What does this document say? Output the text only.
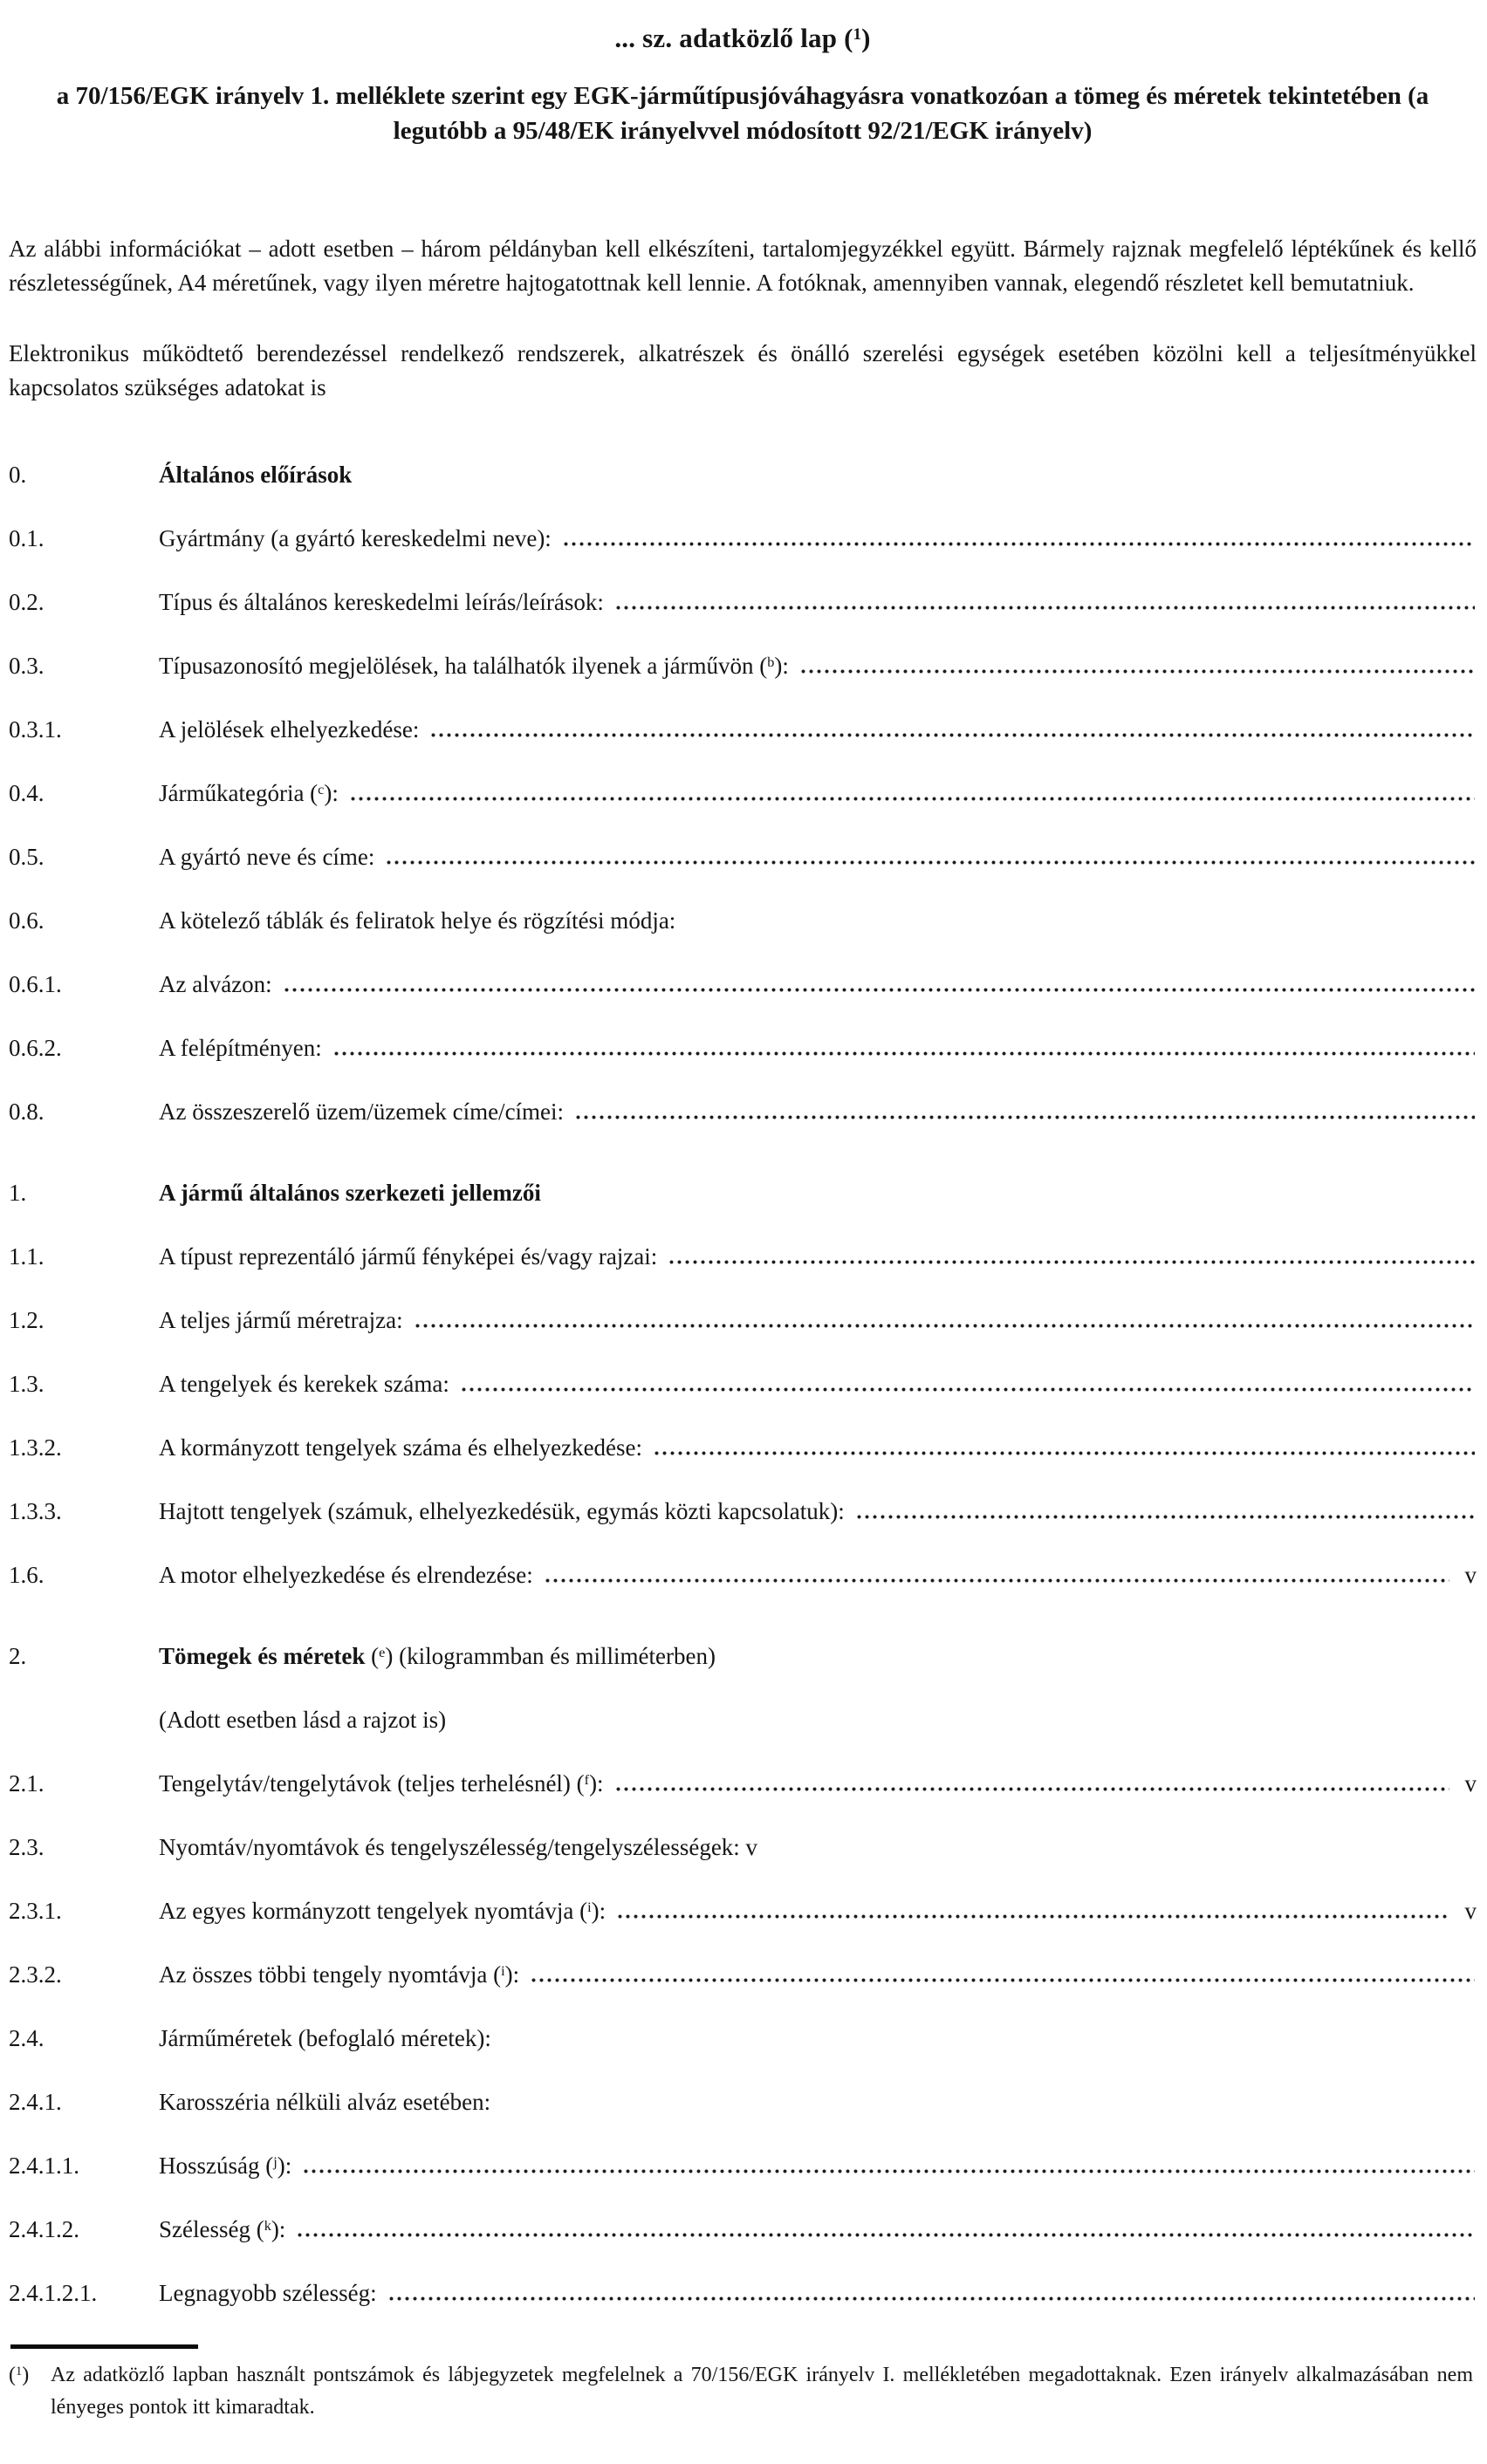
... sz. adatközlő lap ($^1$)
a 70/156/EGK irányelv 1. melléklete szerint egy EGK-járműtípusjóváhagyásra vonatkozóan a tömeg és méretek tekintetében (a legutóbb a 95/48/EK irányelvvel módosított 92/21/EGK irányelv)
Az alábbi információkat – adott esetben – három példányban kell elkészíteni, tartalomjegyzékkel együtt. Bármely rajznak megfelelő léptékűnek és kellő részletességűnek, A4 méretűnek, vagy ilyen méretre hajtogatottnak kell lennie. A fotóknak, amennyiben vannak, elegendő részletet kell bemutatniuk.
Elektronikus működtető berendezéssel rendelkező rendszerek, alkatrészek és önálló szerelési egységek esetében közölni kell a teljesítményükkel kapcsolatos szükséges adatokat is
0.	Általános előírások
0.1.	Gyártmány (a gyártó kereskedelmi neve):
0.2.	Típus és általános kereskedelmi leírás/leírások:
0.3.	Típusazonosító megjelölések, ha találhatók ilyenek a járművön ($^b$):
0.3.1.	A jelölések elhelyezkedése:
0.4.	Járműkategória ($^c$):
0.5.	A gyártó neve és címe:
0.6.	A kötelező táblák és feliratok helye és rögzítési módja:
0.6.1.	Az alvázon:
0.6.2.	A felépítményen:
0.8.	Az összeszerelő üzem/üzemek címe/címei:
1.	A jármű általános szerkezeti jellemzői
1.1.	A típust reprezentáló jármű fényképei és/vagy rajzai:
1.2.	A teljes jármű méretrajza:
1.3.	A tengelyek és kerekek száma:
1.3.2.	A kormányzott tengelyek száma és elhelyezkedése:
1.3.3.	Hajtott tengelyek (számuk, elhelyezkedésük, egymás közti kapcsolatuk):
1.6.	A motor elhelyezkedése és elrendezése:	v
2.	Tömegek és méretek ($^e$) (kilogrammban és milliméterben)
(Adott esetben lásd a rajzot is)
2.1.	Tengelytáv/tengelytávok (teljes terhelésnél) ($^f$):	v
2.3.	Nyomtáv/nyomtávok és tengelyszélesség/tengelyszélességek: v
2.3.1.	Az egyes kormányzott tengelyek nyomtávja ($^i$):	v
2.3.2.	Az összes többi tengely nyomtávja ($^i$):
2.4.	Járműméretek (befoglaló méretek):
2.4.1.	Karosszéria nélküli alváz esetében:
2.4.1.1.	Hosszúság ($^j$):
2.4.1.2.	Szélesség ($^k$):
2.4.1.2.1.	Legnagyobb szélesség:
($^1$)	Az adatközlő lapban használt pontszámok és lábjegyzetek megfelelnek a 70/156/EGK irányelv I. mellékletében megadottaknak. Ezen irányelv alkalmazásában nem lényeges pontok itt kimaradtak.
